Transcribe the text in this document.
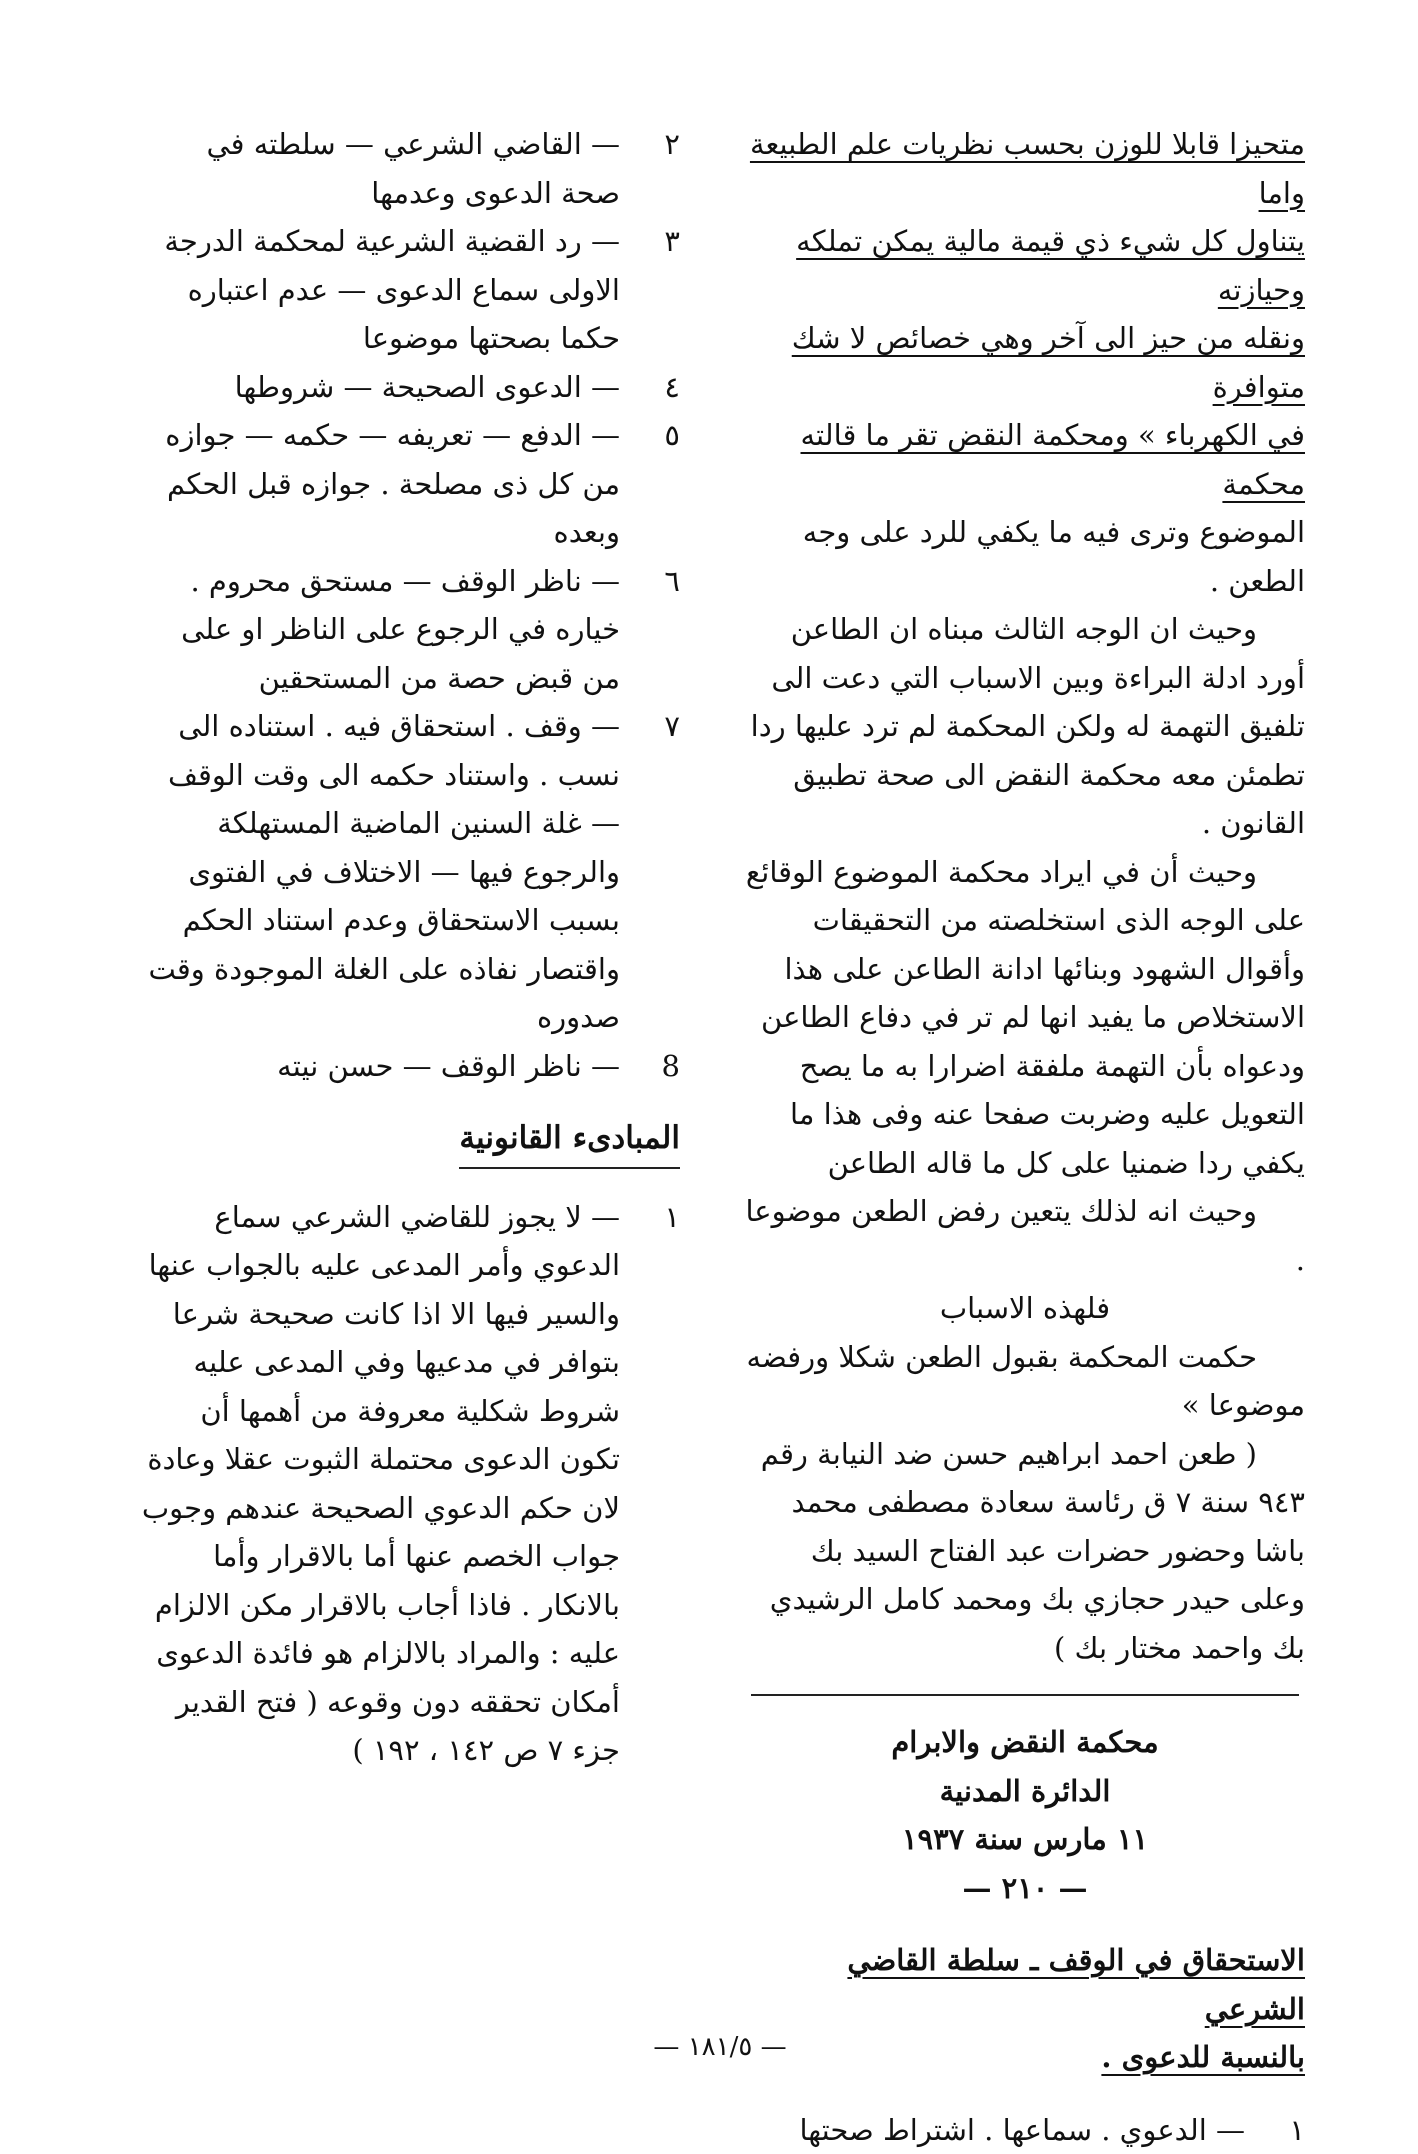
متحيزا قابلا للوزن بحسب نظريات علم الطبيعة واما

يتناول كل شيء ذي قيمة مالية يمكن تملكه وحيازته

ونقله من حيز الى آخر وهي خصائص لا شك متوافرة

في الكهرباء » ومحكمة النقض تقر ما قالته محكمة

الموضوع وترى فيه ما يكفي للرد على وجه الطعن .

وحيث ان الوجه الثالث مبناه ان الطاعن أورد ادلة البراءة وبين الاسباب التي دعت الى تلفيق التهمة له ولكن المحكمة لم ترد عليها ردا تطمئن معه محكمة النقض الى صحة تطبيق القانون .

وحيث أن في ايراد محكمة الموضوع الوقائع على الوجه الذى استخلصته من التحقيقات وأقوال الشهود وبنائها ادانة الطاعن على هذا الاستخلاص ما يفيد انها لم تر في دفاع الطاعن ودعواه بأن التهمة ملفقة اضرارا به ما يصح التعويل عليه وضربت صفحا عنه وفى هذا ما يكفي ردا ضمنيا على كل ما قاله الطاعن

وحيث انه لذلك يتعين رفض الطعن موضوعا .

فلهذه الاسباب

حكمت المحكمة بقبول الطعن شكلا ورفضه موضوعا »

( طعن احمد ابراهيم حسن ضد النيابة رقم ٩٤٣ سنة ٧ ق رئاسة سعادة مصطفى محمد باشا وحضور حضرات عبد الفتاح السيد بك وعلى حيدر حجازي بك ومحمد كامل الرشيدي بك واحمد مختار بك )

محكمة النقض والابرام

الدائرة المدنية

١١ مارس سنة ١٩٣٧

— ٢١٠ —

الاستحقاق في الوقف ـ سلطة القاضي الشرعي

بالنسبة للدعوى .

١
— الدعوي . سماعها . اشتراط صحتها
٢
— القاضي الشرعي — سلطته في صحة الدعوى وعدمها
٣
— رد القضية الشرعية لمحكمة الدرجة الاولى سماع الدعوى — عدم اعتباره حكما بصحتها موضوعا
٤
— الدعوى الصحيحة — شروطها
٥
— الدفع — تعريفه — حكمه — جوازه من كل ذى مصلحة . جوازه قبل الحكم وبعده
٦
— ناظر الوقف — مستحق محروم . خياره في الرجوع على الناظر او على من قبض حصة من المستحقين
٧
— وقف . استحقاق فيه . استناده الى نسب . واستناد حكمه الى وقت الوقف — غلة السنين الماضية المستهلكة والرجوع فيها — الاختلاف في الفتوى بسبب الاستحقاق وعدم استناد الحكم واقتصار نفاذه على الغلة الموجودة وقت صدوره
8
— ناظر الوقف — حسن نيته

المبادىء القانونية

١
— لا يجوز للقاضي الشرعي سماع الدعوي وأمر المدعى عليه بالجواب عنها والسير فيها الا اذا كانت صحيحة شرعا بتوافر في مدعيها وفي المدعى عليه شروط شكلية معروفة من أهمها أن تكون الدعوى محتملة الثبوت عقلا وعادة لان حكم الدعوي الصحيحة عندهم وجوب جواب الخصم عنها أما بالاقرار وأما بالانكار . فاذا أجاب بالاقرار مكن الالزام عليه : والمراد بالالزام هو فائدة الدعوى أمكان تحققه دون وقوعه ( فتح القدير جزء ٧ ص ١٤٢ ، ١٩٢ )
— ١٨١/٥ —
